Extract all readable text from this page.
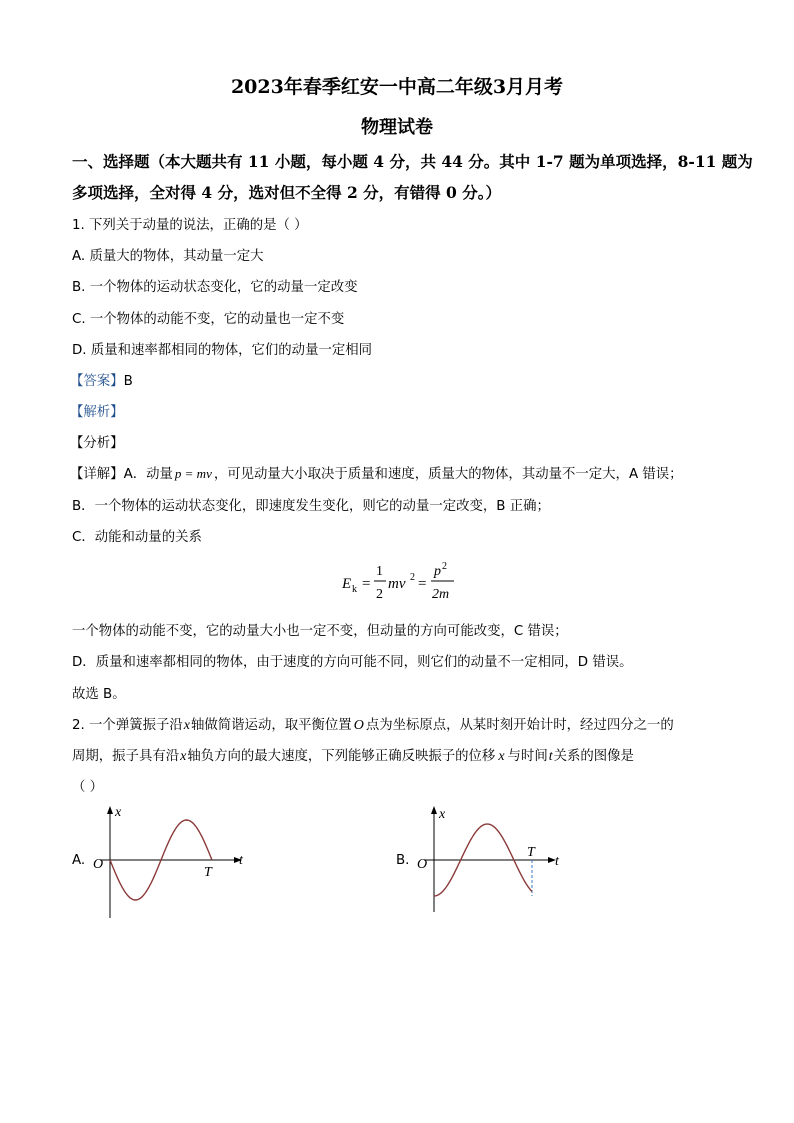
2023年春季红安一中高二年级3月月考
物理试卷
一、选择题（本大题共有 11 小题，每小题 4 分，共 44 分。其中 1-7 题为单项选择，8-11 题为
多项选择，全对得 4 分，选对但不全得 2 分，有错得 0 分。）
1. 下列关于动量的说法，正确的是（ ）
A. 质量大的物体，其动量一定大
B. 一个物体的运动状态变化，它的动量一定改变
C. 一个物体的动能不变，它的动量也一定不变
D. 质量和速率都相同的物体，它们的动量一定相同
【答案】B
【解析】
【分析】
【详解】A．动量 p = mv ，可见动量大小取决于质量和速度，质量大的物体，其动量不一定大，A 错误；
B．一个物体的运动状态变化，即速度发生变化，则它的动量一定改变，B 正确；
C．动能和动量的关系
E k =
1
2
mv 2 =
p 2
2m
一个物体的动能不变，它的动量大小也一定不变，但动量的方向可能改变，C 错误；
D．质量和速率都相同的物体，由于速度的方向可能不同，则它们的动量不一定相同，D 错误。
故选 B。
2. 一个弹簧振子沿x轴做简谐运动，取平衡位置 O 点为坐标原点，从某时刻开始计时，经过四分之一的
周期，振子具有沿x轴负方向的最大速度，下列能够正确反映振子的位移 x 与时间t关系的图像是
（ ）
A.
x
t
O
T
B.
x
t
O
T
